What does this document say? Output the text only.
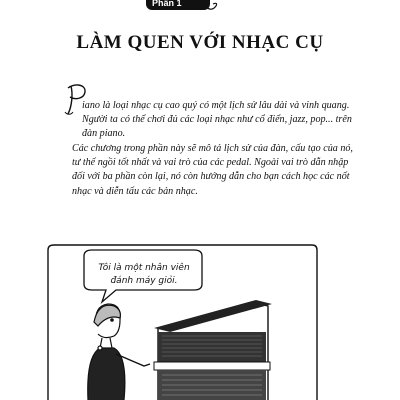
Phần 1
LÀM QUEN VỚI NHẠC CỤ

iano là loại nhạc cụ cao quý có một lịch sử lâu dài và vinh quang. Người ta có thể chơi đủ các loại nhạc như cổ điển, jazz, pop... trên đàn piano.

Các chương trong phần này sẽ mô tả lịch sử của đàn, cấu tạo của nó, tư thế ngồi tốt nhất và vai trò của các pedal. Ngoài vai trò dẫn nhập đối với ba phần còn lại, nó còn hướng dẫn cho bạn cách học các nốt nhạc và diễn tấu các bản nhạc.

Tôi là một nhân viên đánh máy giỏi.
